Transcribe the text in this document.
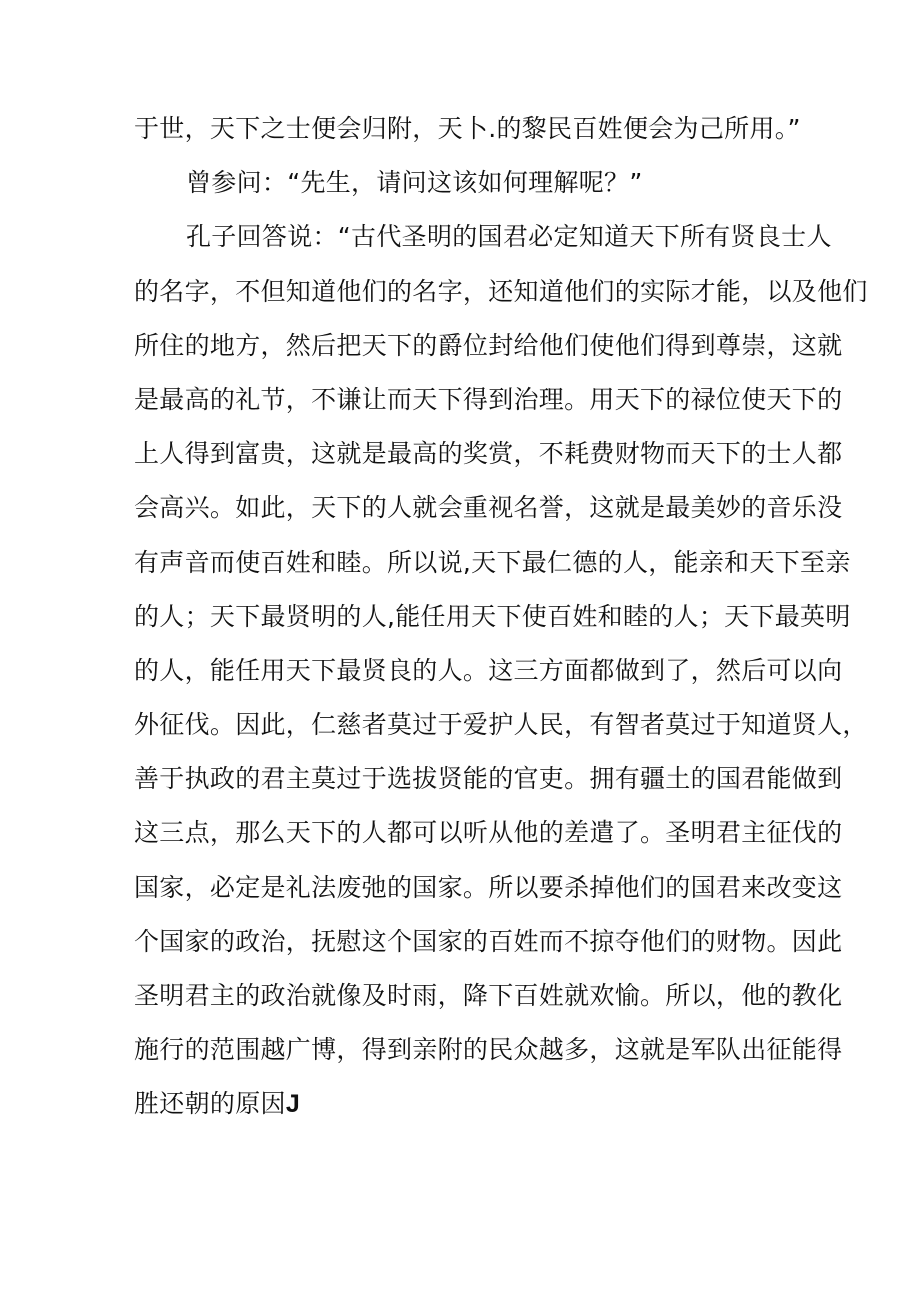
于世，天下之士便会归附，天卜.的黎民百姓便会为己所用。”
曾参问：“先生，请问这该如何理解呢？”
孔子回答说：“古代圣明的国君必定知道天下所有贤良士人
的名字，不但知道他们的名字，还知道他们的实际才能，以及他们
所住的地方，然后把天下的爵位封给他们使他们得到尊崇，这就
是最高的礼节，不谦让而天下得到治理。用天下的禄位使天下的
上人得到富贵，这就是最高的奖赏，不耗费财物而天下的士人都
会高兴。如此，天下的人就会重视名誉，这就是最美妙的音乐没
有声音而使百姓和睦。所以说,天下最仁德的人，能亲和天下至亲
的人；天下最贤明的人,能任用天下使百姓和睦的人；天下最英明
的人，能任用天下最贤良的人。这三方面都做到了，然后可以向
外征伐。因此，仁慈者莫过于爱护人民，有智者莫过于知道贤人，
善于执政的君主莫过于选拔贤能的官吏。拥有疆土的国君能做到
这三点，那么天下的人都可以听从他的差遣了。圣明君主征伐的
国家，必定是礼法废弛的国家。所以要杀掉他们的国君来改变这
个国家的政治，抚慰这个国家的百姓而不掠夺他们的财物。因此
圣明君主的政治就像及时雨，降下百姓就欢愉。所以，他的教化
施行的范围越广博，得到亲附的民众越多，这就是军队出征能得
胜还朝的原因J
